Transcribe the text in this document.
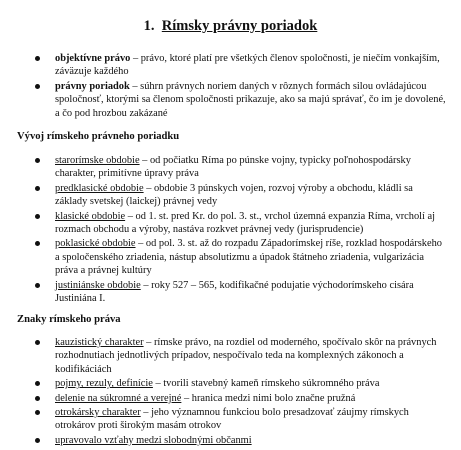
1. Rímsky právny poriadok
objektívne právo – právo, ktoré platí pre všetkých členov spoločnosti, je niečím vonkajším, záväzuje každého
právny poriadok – súhrn právnych noriem daných v rôznych formách silou ovládajúcou spoločnosť, ktorými sa členom spoločnosti prikazuje, ako sa majú správať, čo im je dovolené, a čo pod hrozbou zakázané
Vývoj rímskeho právneho poriadku
starorímske obdobie – od počiatku Ríma po púnske vojny, typicky poľnohospodársky charakter, primitívne úpravy práva
predklasické obdobie – obdobie 3 púnskych vojen, rozvoj výroby a obchodu, kládli sa základy svetskej (laickej) právnej vedy
klasické obdobie – od 1. st. pred Kr. do pol. 3. st., vrchol územná expanzia Ríma, vrcholí aj rozmach obchodu a výroby, nastáva rozkvet právnej vedy (jurisprudencie)
poklasické obdobie – od pol. 3. st. až do rozpadu Západorímskej ríše, rozklad hospodárskeho a spoločenského zriadenia, nástup absolutizmu a úpadok štátneho zriadenia, vulgarizácia práva a právnej kultúry
justiniánske obdobie – roky 527 – 565, kodifikačné podujatie východorímskeho cisára Justiniána I.
Znaky rímskeho práva
kauzistický charakter – rímske právo, na rozdiel od moderného, spočívalo skôr na právnych rozhodnutiach jednotlivých prípadov, nespočívalo teda na komplexných zákonoch a kodifikáciách
pojmy, rezuly, definície – tvorili stavebný kameň rímskeho súkromného práva
delenie na súkromné a verejné – hranica medzi nimi bolo značne pružná
otrokársky charakter – jeho významnou funkciou bolo presadzovať záujmy rímskych otrokárov proti širokým masám otrokov
upravovalo vzťahy medzi slobodnými občanmi
